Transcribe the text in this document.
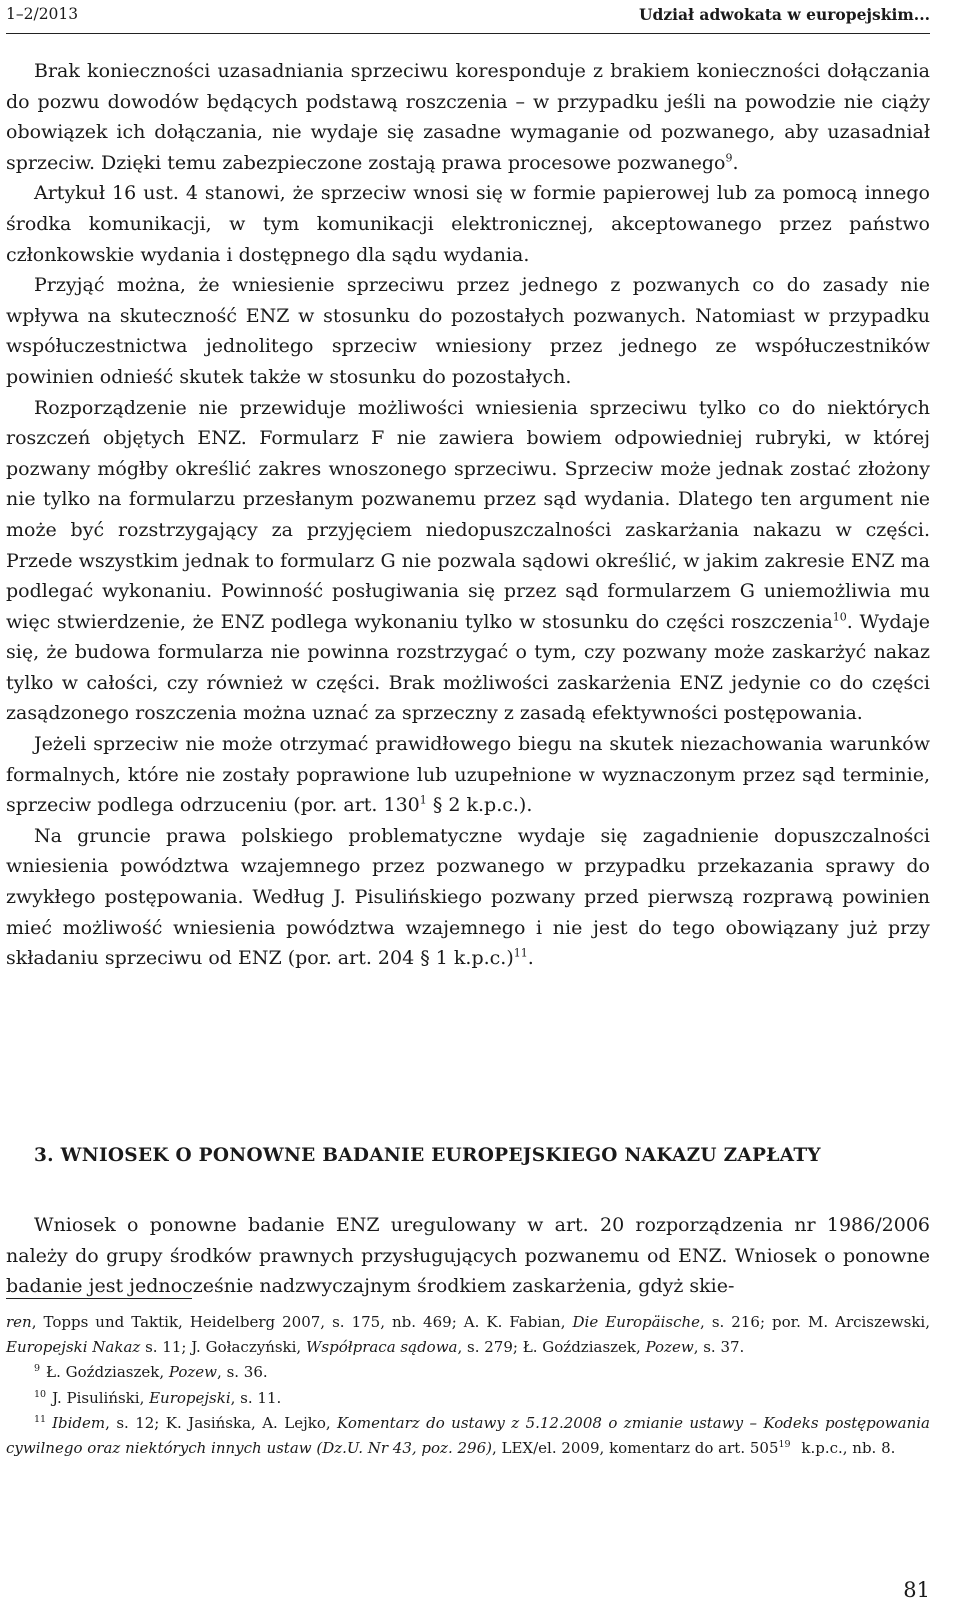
1–2/2013	Udział adwokata w europejskim...

Brak konieczności uzasadniania sprzeciwu koresponduje z brakiem konieczności dołączania do pozwu dowodów będących podstawą roszczenia – w przypadku jeśli na powodzie nie ciąży obowiązek ich dołączania, nie wydaje się zasadne wymaganie od pozwanego, aby uzasadniał sprzeciw. Dzięki temu zabezpieczone zostają prawa procesowe pozwanego$^9$.

Artykuł 16 ust. 4 stanowi, że sprzeciw wnosi się w formie papierowej lub za pomocą innego środka komunikacji, w tym komunikacji elektronicznej, akceptowanego przez państwo członkowskie wydania i dostępnego dla sądu wydania.

Przyjąć można, że wniesienie sprzeciwu przez jednego z pozwanych co do zasady nie wpływa na skuteczność ENZ w stosunku do pozostałych pozwanych. Natomiast w przypadku współuczestnictwa jednolitego sprzeciw wniesiony przez jednego ze współuczestników powinien odnieść skutek także w stosunku do pozostałych.

Rozporządzenie nie przewiduje możliwości wniesienia sprzeciwu tylko co do niektórych roszczeń objętych ENZ. Formularz F nie zawiera bowiem odpowiedniej rubryki, w której pozwany mógłby określić zakres wnoszonego sprzeciwu. Sprzeciw może jednak zostać złożony nie tylko na formularzu przesłanym pozwanemu przez sąd wydania. Dlatego ten argument nie może być rozstrzygający za przyjęciem niedopuszczalności zaskarżania nakazu w części. Przede wszystkim jednak to formularz G nie pozwala sądowi określić, w jakim zakresie ENZ ma podlegać wykonaniu. Powinność posługiwania się przez sąd formularzem G uniemożliwia mu więc stwierdzenie, że ENZ podlega wykonaniu tylko w stosunku do części roszczenia$^{10}$. Wydaje się, że budowa formularza nie powinna rozstrzygać o tym, czy pozwany może zaskarżyć nakaz tylko w całości, czy również w części. Brak możliwości zaskarżenia ENZ jedynie co do części zasądzonego roszczenia można uznać za sprzeczny z zasadą efektywności postępowania.

Jeżeli sprzeciw nie może otrzymać prawidłowego biegu na skutek niezachowania warunków formalnych, które nie zostały poprawione lub uzupełnione w wyznaczonym przez sąd terminie, sprzeciw podlega odrzuceniu (por. art. $130^1$ § 2 k.p.c.).

Na gruncie prawa polskiego problematyczne wydaje się zagadnienie dopuszczalności wniesienia powództwa wzajemnego przez pozwanego w przypadku przekazania sprawy do zwykłego postępowania. Według J. Pisulińskiego pozwany przed pierwszą rozprawą powinien mieć możliwość wniesienia powództwa wzajemnego i nie jest do tego obowiązany już przy składaniu sprzeciwu od ENZ (por. art. 204 § 1 k.p.c.)$^{11}$.

3. WNIOSEK O PONOWNE BADANIE EUROPEJSKIEGO NAKAZU ZAPŁATY

Wniosek o ponowne badanie ENZ uregulowany w art. 20 rozporządzenia nr 1986/2006 należy do grupy środków prawnych przysługujących pozwanemu od ENZ. Wniosek o ponowne badanie jest jednocześnie nadzwyczajnym środkiem zaskarżenia, gdyż skie-

ren, Topps und Taktik, Heidelberg 2007, s. 175, nb. 469; A. K. Fabian, Die Europäische, s. 216; por. M. Arciszewski, Europejski Nakaz s. 11; J. Gołaczyński, Współpraca sądowa, s. 279; Ł. Goździaszek, Pozew, s. 37.

$^9$ Ł. Goździaszek, Pozew, s. 36.

$^{10}$ J. Pisuliński, Europejski, s. 11.

$^{11}$ Ibidem, s. 12; K. Jasińska, A. Lejko, Komentarz do ustawy z 5.12.2008 o zmianie ustawy – Kodeks postępowania cywilnego oraz niektórych innych ustaw (Dz.U. Nr 43, poz. 296), LEX/el. 2009, komentarz do art. $505^{19}$ k.p.c., nb. 8.

81
